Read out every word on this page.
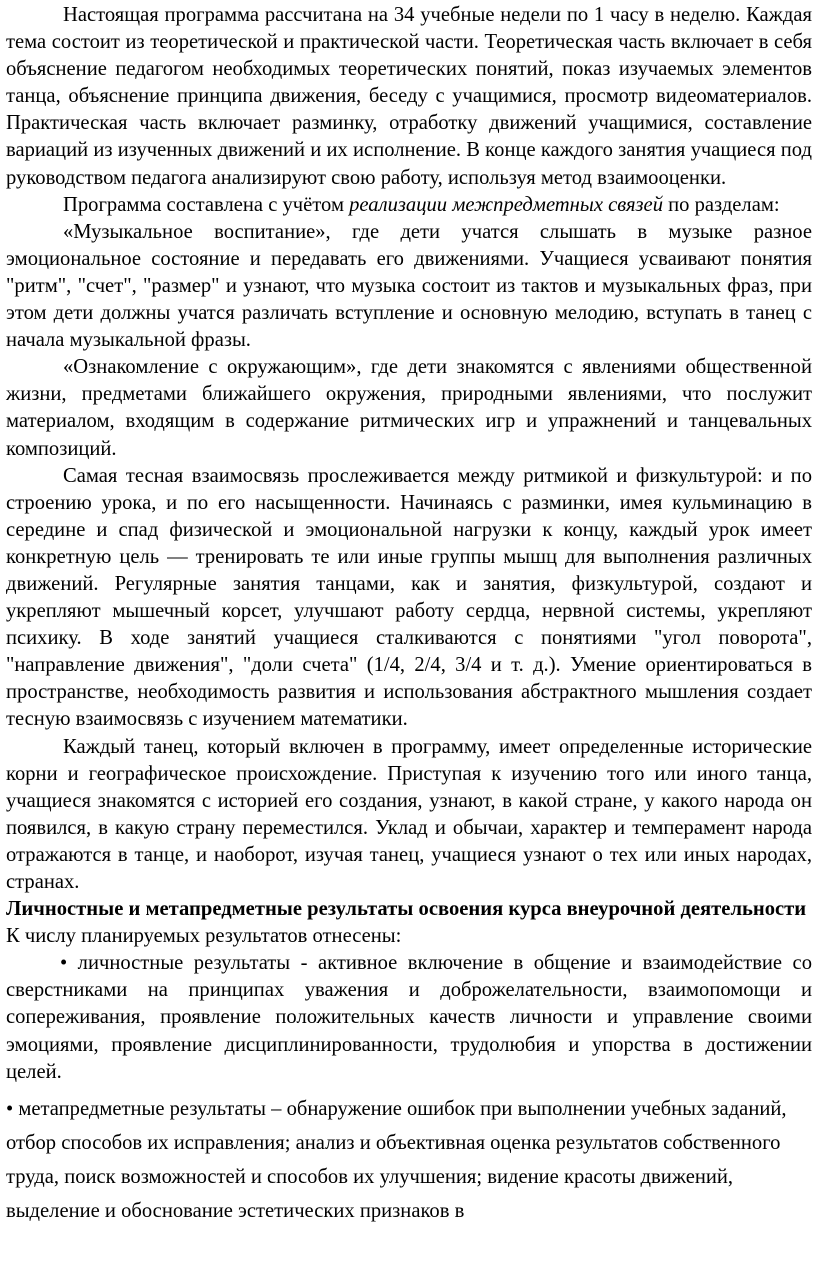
Настоящая программа рассчитана на 34 учебные недели по 1 часу в неделю. Каждая тема состоит из теоретической и практической части. Теоретическая часть включает в себя объяснение педагогом необходимых теоретических понятий, показ изучаемых элементов танца, объяснение принципа движения, беседу с учащимися, просмотр видеоматериалов. Практическая часть включает разминку, отработку движений учащимися, составление вариаций из изученных движений и их исполнение. В конце каждого занятия учащиеся под руководством педагога анализируют свою работу, используя метод взаимооценки.

Программа составлена с учётом реализации межпредметных связей по разделам:

«Музыкальное воспитание», где дети учатся слышать в музыке разное эмоциональное состояние и передавать его движениями. Учащиеся усваивают понятия "ритм", "счет", "размер" и узнают, что музыка состоит из тактов и музыкальных фраз, при этом дети должны учатся различать вступление и основную мелодию, вступать в танец с начала музыкальной фразы.

«Ознакомление с окружающим», где дети знакомятся с явлениями общественной жизни, предметами ближайшего окружения, природными явлениями, что послужит материалом, входящим в содержание ритмических игр и упражнений и танцевальных композиций.

Самая тесная взаимосвязь прослеживается между ритмикой и физкультурой: и по строению урока, и по его насыщенности. Начинаясь с разминки, имея кульминацию в середине и спад физической и эмоциональной нагрузки к концу, каждый урок имеет конкретную цель — тренировать те или иные группы мышц для выполнения различных движений. Регулярные занятия танцами, как и занятия, физкультурой, создают и укрепляют мышечный корсет, улучшают работу сердца, нервной системы, укрепляют психику. В ходе занятий учащиеся сталкиваются с понятиями "угол поворота", "направление движения", "доли счета" (1/4, 2/4, 3/4 и т. д.). Умение ориентироваться в пространстве, необходимость развития и использования абстрактного мышления создает тесную взаимосвязь с изучением математики.

Каждый танец, который включен в программу, имеет определенные исторические корни и географическое происхождение. Приступая к изучению того или иного танца, учащиеся знакомятся с историей его создания, узнают, в какой стране, у какого народа он появился, в какую страну переместился. Уклад и обычаи, характер и темперамент народа отражаются в танце, и наоборот, изучая танец, учащиеся узнают о тех или иных народах, странах.

Личностные и метапредметные результаты освоения курса внеурочной деятельности

К числу планируемых результатов отнесены:

• личностные результаты - активное включение в общение и взаимодействие со сверстниками на принципах уважения и доброжелательности, взаимопомощи и сопереживания, проявление положительных качеств личности и управление своими эмоциями, проявление дисциплинированности, трудолюбия и упорства в достижении целей.

• метапредметные результаты – обнаружение ошибок при выполнении учебных заданий, отбор способов их исправления; анализ и объективная оценка результатов собственного труда, поиск возможностей и способов их улучшения; видение красоты движений, выделение и обоснование эстетических признаков в
